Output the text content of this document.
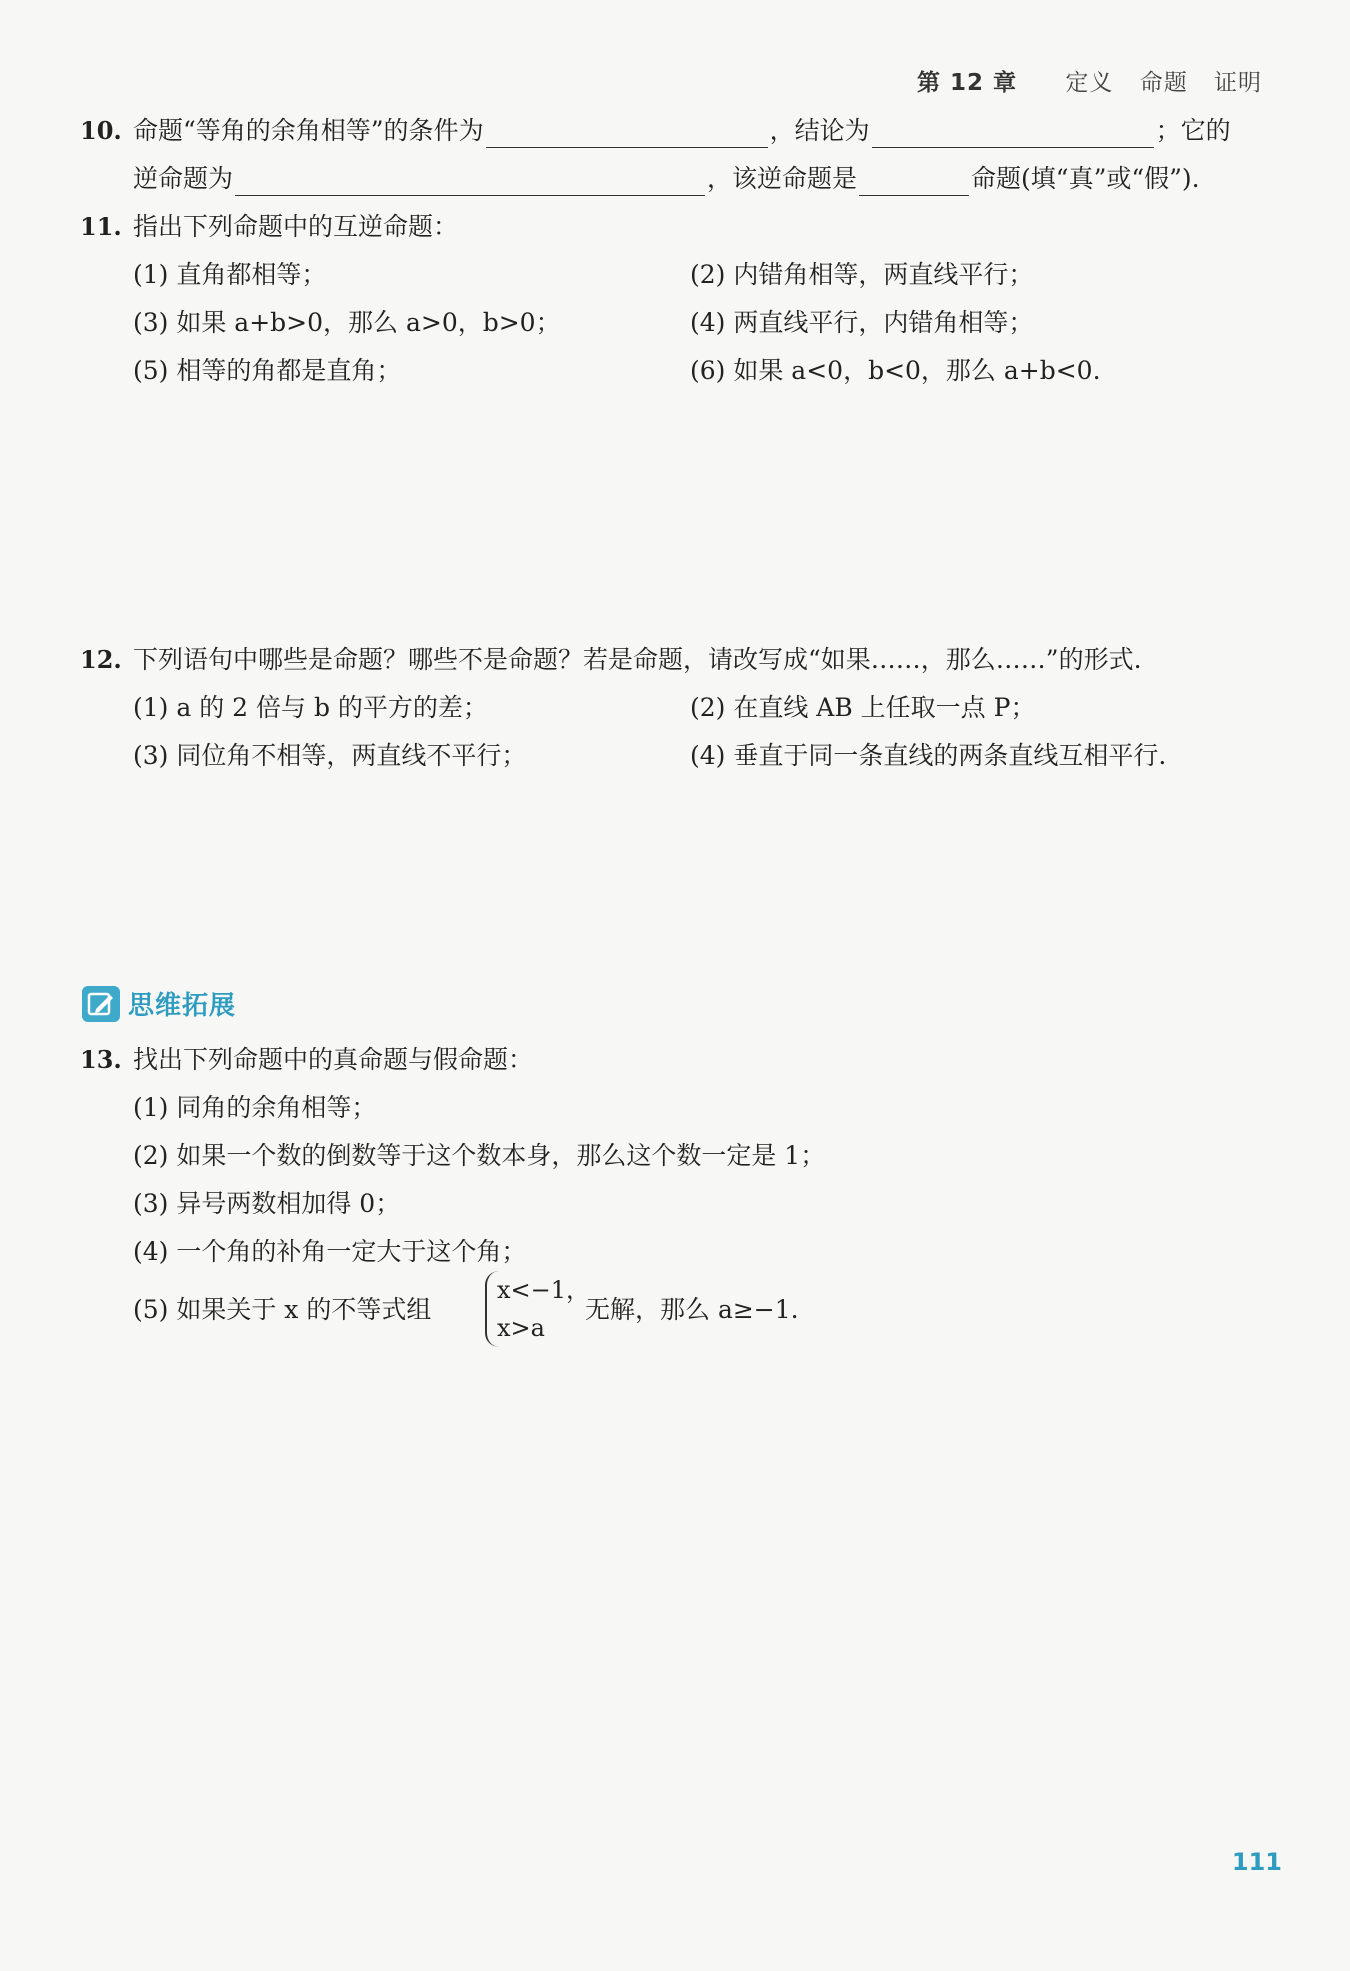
第 12 章 定义 命题 证明
10. 命题“等角的余角相等”的条件为	，结论为	；它的
逆命题为	，该逆命题是	命题(填“真”或“假”).
11. 指出下列命题中的互逆命题：
(1) 直角都相等；	(2) 内错角相等，两直线平行；
(3) 如果 a+b>0，那么 a>0，b>0；	(4) 两直线平行，内错角相等；
(5) 相等的角都是直角；	(6) 如果 a<0，b<0，那么 a+b<0.
12. 下列语句中哪些是命题？哪些不是命题？若是命题，请改写成“如果……，那么……”的形式.
(1) a 的 2 倍与 b 的平方的差；	(2) 在直线 AB 上任取一点 P；
(3) 同位角不相等，两直线不平行；	(4) 垂直于同一条直线的两条直线互相平行.
思维拓展
13. 找出下列命题中的真命题与假命题：
(1) 同角的余角相等；
(2) 如果一个数的倒数等于这个数本身，那么这个数一定是 1；
(3) 异号两数相加得 0；
(4) 一个角的补角一定大于这个角；
(5) 如果关于 x 的不等式组
x<−1，
x>a
无解，那么 a≥−1.
111
